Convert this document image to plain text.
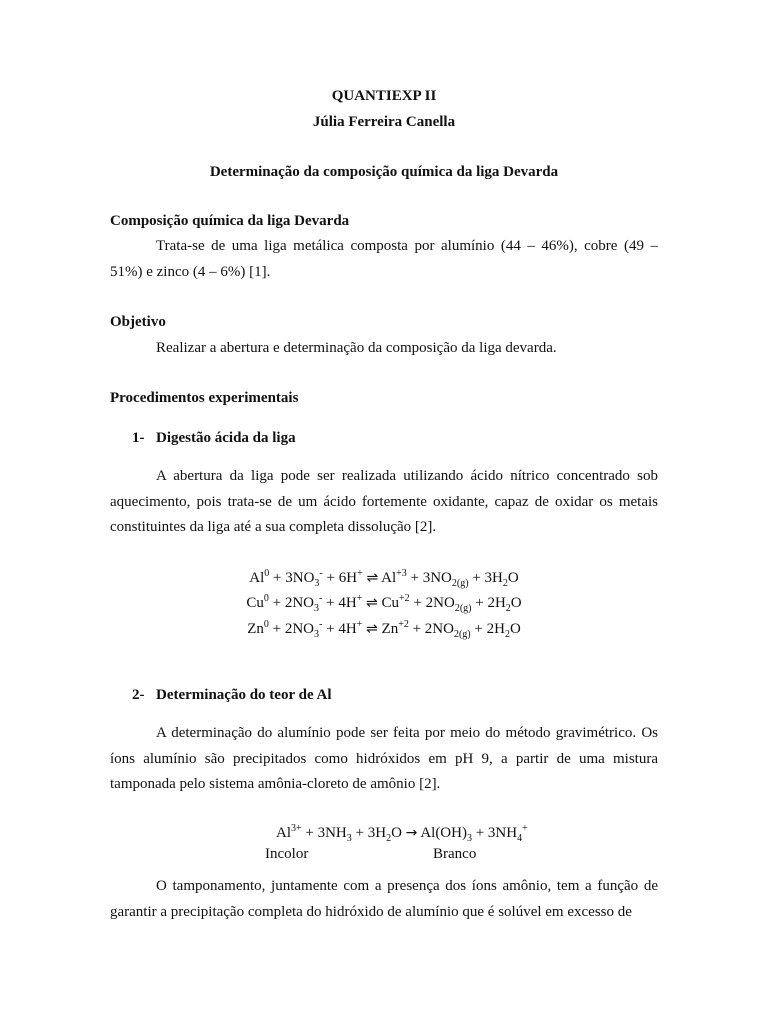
QUANTIEXP II
Júlia Ferreira Canella
Determinação da composição química da liga Devarda
Composição química da liga Devarda
Trata-se de uma liga metálica composta por alumínio (44 – 46%), cobre (49 – 51%) e zinco (4 – 6%) [1].
Objetivo
Realizar a abertura e determinação da composição da liga devarda.
Procedimentos experimentais
1- Digestão ácida da liga
A abertura da liga pode ser realizada utilizando ácido nítrico concentrado sob aquecimento, pois trata-se de um ácido fortemente oxidante, capaz de oxidar os metais constituintes da liga até a sua completa dissolução [2].
$Al^0 + 3NO_3^- + 6H^+$ ⇌ $Al^{+3} + 3NO_{2(g)} + 3H_2O$
$Cu^0 + 2NO_3^- + 4H^+$ ⇌ $Cu^{+2} + 2NO_{2(g)} + 2H_2O$
$Zn^0 + 2NO_3^- + 4H^+$ ⇌ $Zn^{+2} + 2NO_{2(g)} + 2H_2O$
2- Determinação do teor de Al
A determinação do alumínio pode ser feita por meio do método gravimétrico. Os íons alumínio são precipitados como hidróxidos em pH 9, a partir de uma mistura tamponada pelo sistema amônia-cloreto de amônio [2].
$Al^{3+} + 3NH_3 + 3H_2O \to Al(OH)_3 + 3NH_4^+$
Incolor	Branco
O tamponamento, juntamente com a presença dos íons amônio, tem a função de garantir a precipitação completa do hidróxido de alumínio que é solúvel em excesso de
